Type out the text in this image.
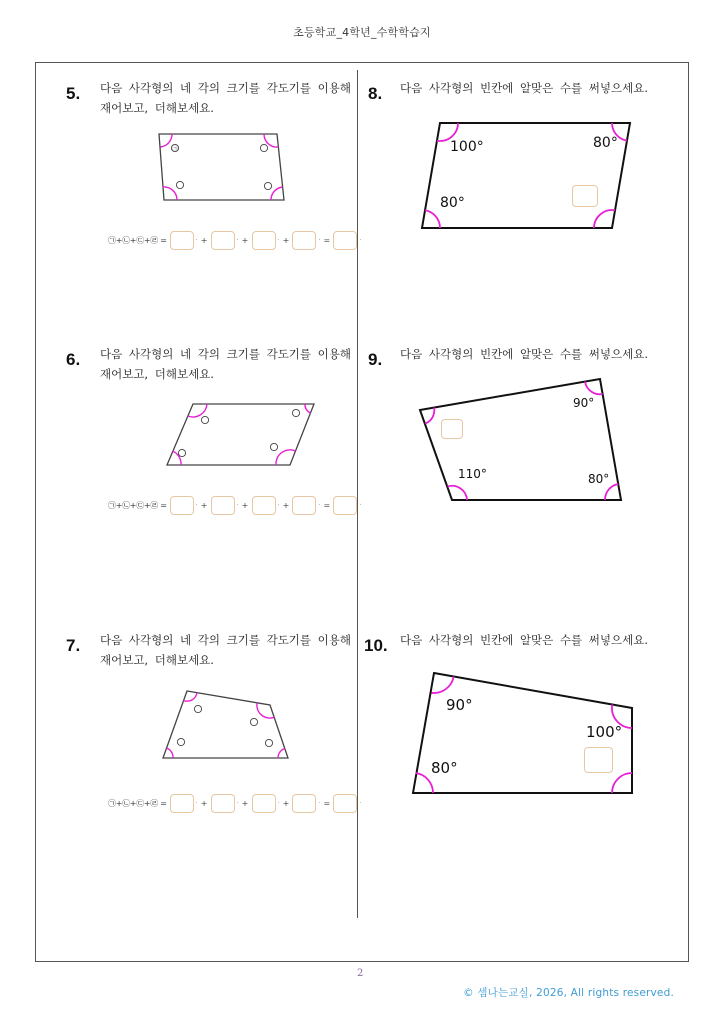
초등학교_4학년_수학학습지
5. 다음 사각형의 네 각의 크기를 각도기를 이용해
재어보고, 더해보세요.
㉠
㉠+㉡+㉢+㉣ =	· +	· +	· +	· =	·
6. 다음 사각형의 네 각의 크기를 각도기를 이용해
재어보고, 더해보세요.
㉠+㉡+㉢+㉣ =	· +	· +	· +	· =	·
7. 다음 사각형의 네 각의 크기를 각도기를 이용해
재어보고, 더해보세요.
㉠+㉡+㉢+㉣ =	· +	· +	· +	· =	·
8. 다음 사각형의 빈칸에 알맞은 수를 써넣으세요.
100°	80°
80°
9. 다음 사각형의 빈칸에 알맞은 수를 써넣으세요.
90°
110°	80°
10. 다음 사각형의 빈칸에 알맞은 수를 써넣으세요.
90°
100°
80°
2
© 셈나는교실, 2026, All rights reserved.
